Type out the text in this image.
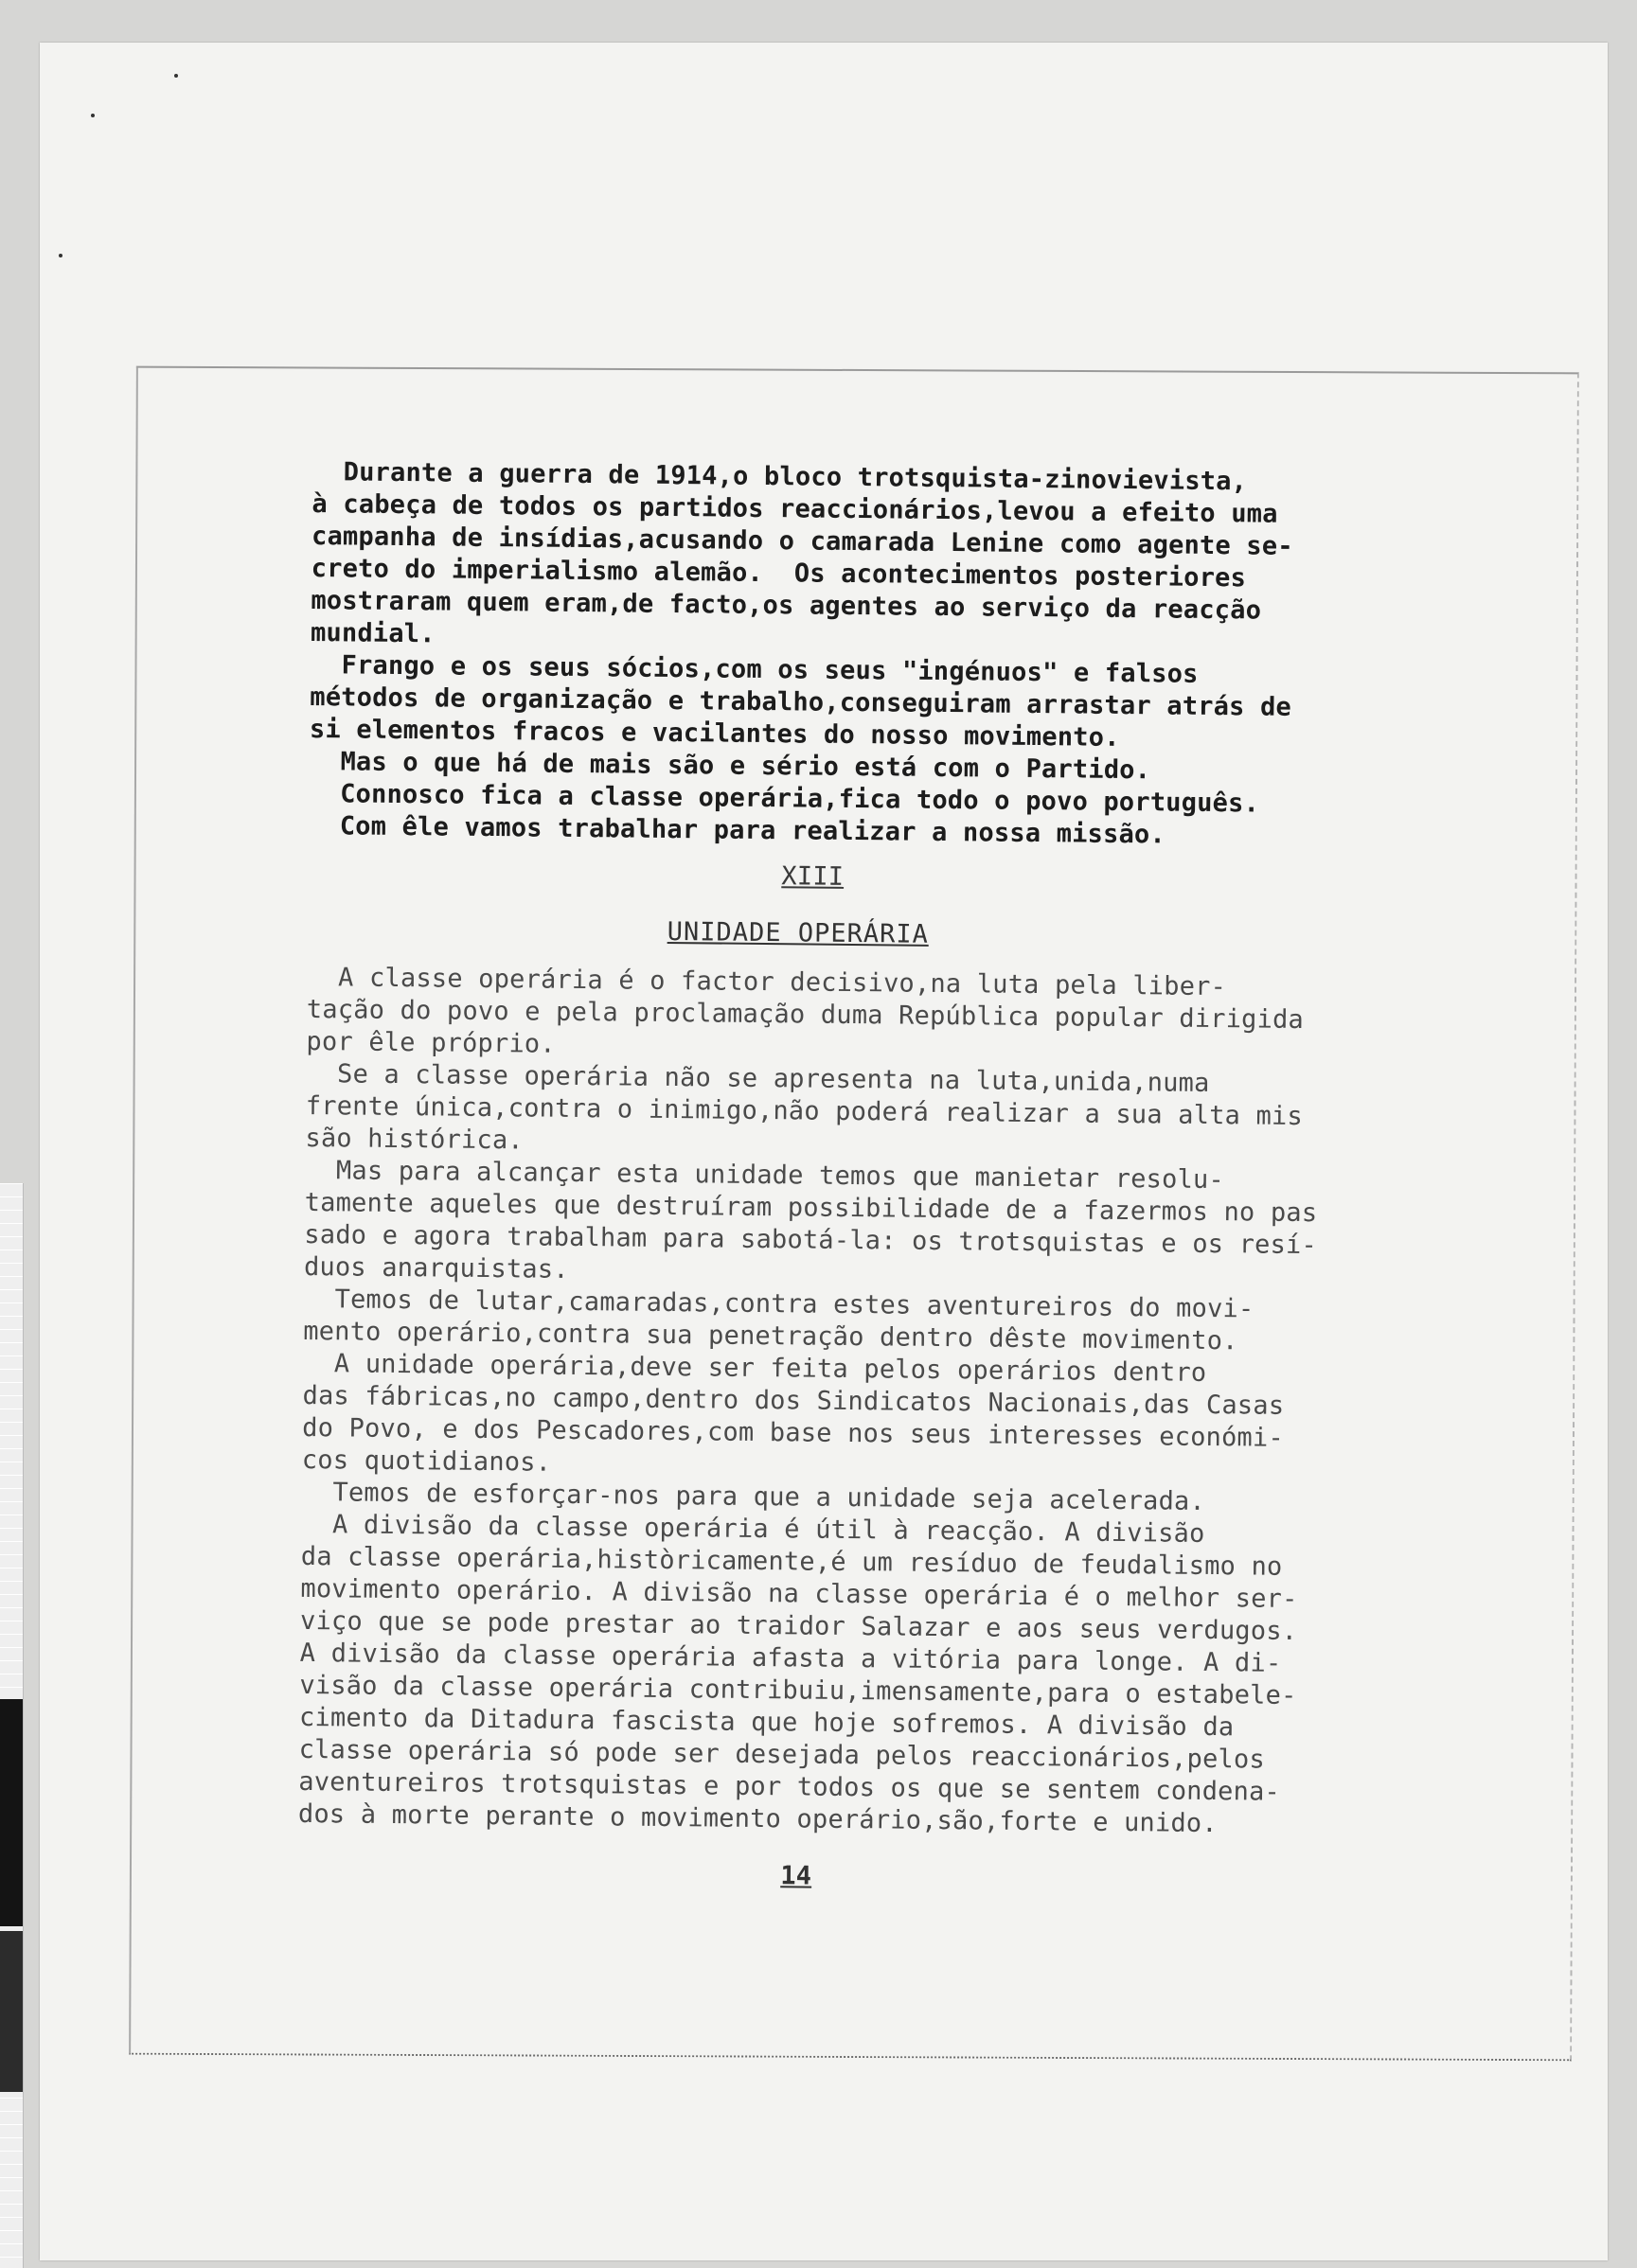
Durante a guerra de 1914,o bloco trotsquista-zinovievista,
à cabeça de todos os partidos reaccionários,levou a efeito uma
campanha de insídias,acusando o camarada Lenine como agente se-
creto do imperialismo alemão.  Os acontecimentos posteriores
mostraram quem eram,de facto,os agentes ao serviço da reacção
mundial.

Frango e os seus sócios,com os seus "ingénuos" e falsos
métodos de organização e trabalho,conseguiram arrastar atrás de
si elementos fracos e vacilantes do nosso movimento.

Mas o que há de mais são e sério está com o Partido.

Connosco fica a classe operária,fica todo o povo português.

Com êle vamos trabalhar para realizar a nossa missão.

XIII
UNIDADE OPERÁRIA

A classe operária é o factor decisivo,na luta pela liber-
tação do povo e pela proclamação duma República popular dirigida
por êle próprio.

Se a classe operária não se apresenta na luta,unida,numa
frente única,contra o inimigo,não poderá realizar a sua alta mis
são histórica.

Mas para alcançar esta unidade temos que manietar resolu-
tamente aqueles que destruíram possibilidade de a fazermos no pas
sado e agora trabalham para sabotá-la: os trotsquistas e os resí-
duos anarquistas.

Temos de lutar,camaradas,contra estes aventureiros do movi-
mento operário,contra sua penetração dentro dêste movimento.

A unidade operária,deve ser feita pelos operários dentro
das fábricas,no campo,dentro dos Sindicatos Nacionais,das Casas
do Povo, e dos Pescadores,com base nos seus interesses económi-
cos quotidianos.

Temos de esforçar-nos para que a unidade seja acelerada.

A divisão da classe operária é útil à reacção. A divisão
da classe operária,històricamente,é um resíduo de feudalismo no
movimento operário. A divisão na classe operária é o melhor ser-
viço que se pode prestar ao traidor Salazar e aos seus verdugos.
A divisão da classe operária afasta a vitória para longe. A di-
visão da classe operária contribuiu,imensamente,para o estabele-
cimento da Ditadura fascista que hoje sofremos. A divisão da
classe operária só pode ser desejada pelos reaccionários,pelos
aventureiros trotsquistas e por todos os que se sentem condena-
dos à morte perante o movimento operário,são,forte e unido.

14
